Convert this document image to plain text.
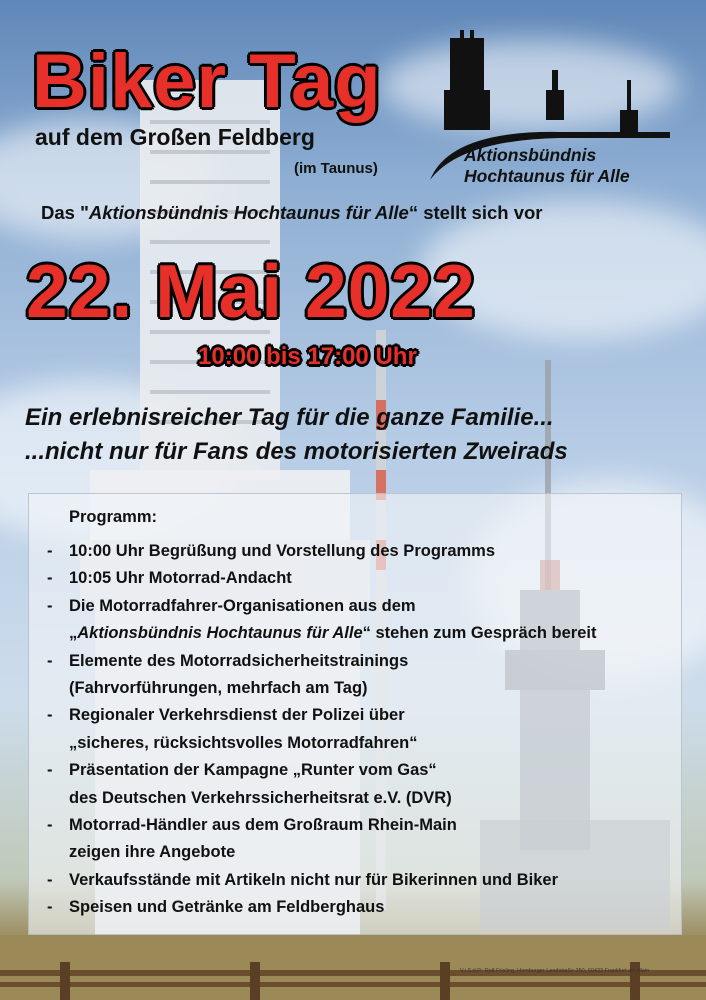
Biker Tag
auf dem Großen Feldberg
(im Taunus)
Aktionsbündnis
Hochtaunus für Alle
Das "Aktionsbündnis Hochtaunus für Alle“ stellt sich vor
22. Mai 2022
10:00 bis 17:00 Uhr
Ein erlebnisreicher Tag für die ganze Familie...
...nicht nur für Fans des motorisierten Zweirads
Programm:
- 10:00 Uhr Begrüßung und Vorstellung des Programms
- 10:05 Uhr Motorrad-Andacht
- Die Motorradfahrer-Organisationen aus dem
„Aktionsbündnis Hochtaunus für Alle“ stehen zum Gespräch bereit
- Elemente des Motorradsicherheitstrainings
(Fahrvorführungen, mehrfach am Tag)
- Regionaler Verkehrsdienst der Polizei über
„sicheres, rücksichtsvolles Motorradfahren“
- Präsentation der Kampagne „Runter vom Gas“
des Deutschen Verkehrssicherheitsrat e.V. (DVR)
- Motorrad-Händler aus dem Großraum Rhein-Main
zeigen ihre Angebote
- Verkaufsstände mit Artikeln nicht nur für Bikerinnen und Biker
- Speisen und Getränke am Feldberghaus
V.i.S.d.P.: Rolf Frieling, Homburger Landstraße 350, 60433 Frankfurt am Main
